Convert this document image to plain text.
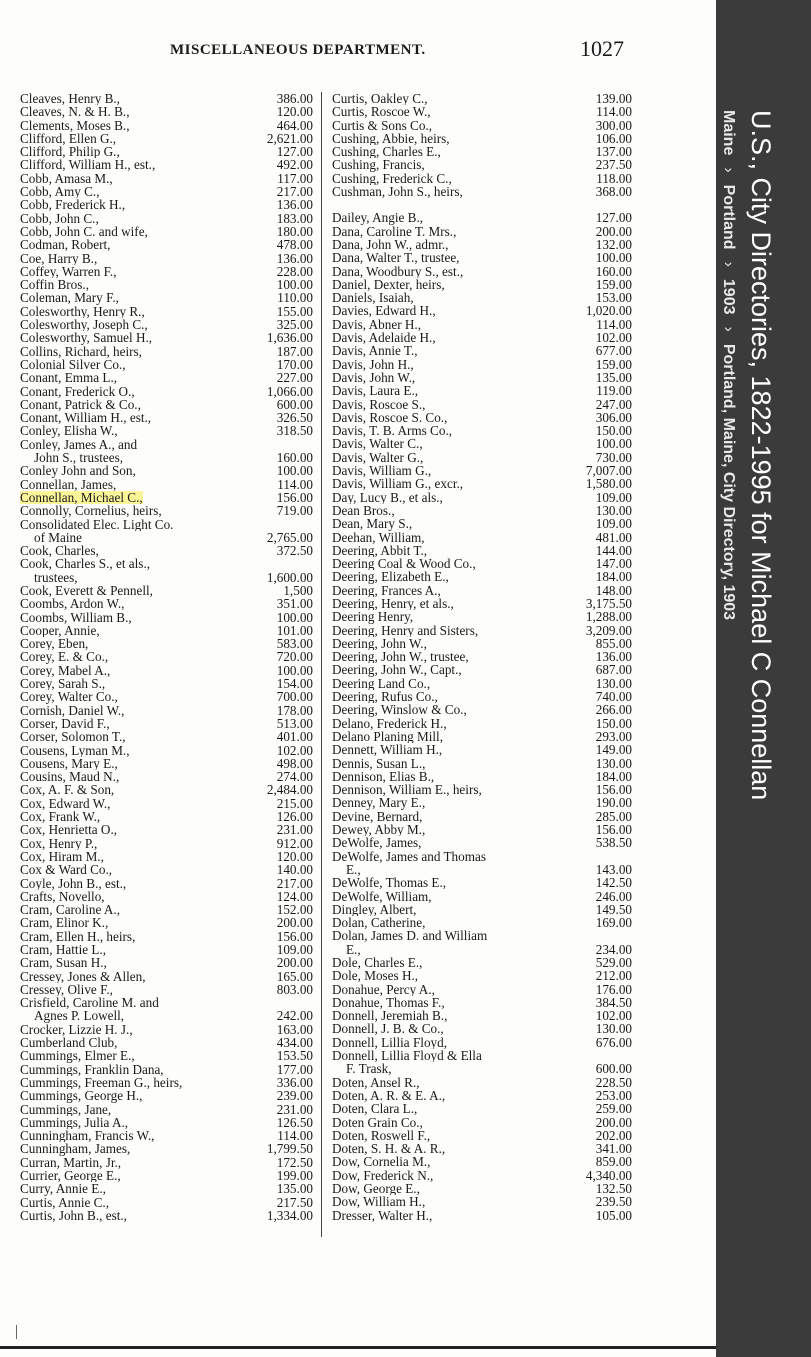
MISCELLANEOUS DEPARTMENT.	1027
Cleaves, Henry B.,	386.00
Cleaves, N. & H. B.,	120.00
Clements, Moses B.,	464.00
Clifford, Ellen G.,	2,621.00
Clifford, Philip G.,	127.00
Clifford, William H., est.,	492.00
Cobb, Amasa M.,	117.00
Cobb, Amy C.,	217.00
Cobb, Frederick H.,	136.00
Cobb, John C.,	183.00
Cobb, John C. and wife,	180.00
Codman, Robert,	478.00
Coe, Harry B.,	136.00
Coffey, Warren F.,	228.00
Coffin Bros.,	100.00
Coleman, Mary F.,	110.00
Colesworthy, Henry R.,	155.00
Colesworthy, Joseph C.,	325.00
Colesworthy, Samuel H.,	1,636.00
Collins, Richard, heirs,	187.00
Colonial Silver Co.,	170.00
Conant, Emma L.,	227.00
Conant, Frederick O.,	1,066.00
Conant, Patrick & Co.,	600.00
Conant, William H., est.,	326.50
Conley, Elisha W.,	318.50
Conley, James A., and
John S., trustees,	160.00
Conley John and Son,	100.00
Connellan, James,	114.00
Connellan, Michael C.,	156.00
Connolly, Cornelius, heirs,	719.00
Consolidated Elec. Light Co.
of Maine	2,765.00
Cook, Charles,	372.50
Cook, Charles S., et als.,
trustees,	1,600.00
Cook, Everett & Pennell,	1,500
Coombs, Ardon W.,	351.00
Coombs, William B.,	100.00
Cooper, Annie,	101.00
Corey, Eben,	583.00
Corey, E. & Co.,	720.00
Corey, Mabel A.,	100.00
Corey, Sarah S.,	154.00
Corey, Walter Co.,	700.00
Cornish, Daniel W.,	178.00
Corser, David F.,	513.00
Corser, Solomon T.,	401.00
Cousens, Lyman M.,	102.00
Cousens, Mary E.,	498.00
Cousins, Maud N.,	274.00
Cox, A. F. & Son,	2,484.00
Cox, Edward W.,	215.00
Cox, Frank W.,	126.00
Cox, Henrietta O.,	231.00
Cox, Henry P.,	912.00
Cox, Hiram M.,	120.00
Cox & Ward Co.,	140.00
Coyle, John B., est.,	217.00
Crafts, Novello,	124.00
Cram, Caroline A.,	152.00
Cram, Elinor K.,	200.00
Cram, Ellen H., heirs,	156.00
Cram, Hattie L.,	109.00
Cram, Susan H.,	200.00
Cressey, Jones & Allen,	165.00
Cressey, Olive F.,	803.00
Crisfield, Caroline M. and
Agnes P. Lowell,	242.00
Crocker, Lizzie H. J.,	163.00
Cumberland Club,	434.00
Cummings, Elmer E.,	153.50
Cummings, Franklin Dana,	177.00
Cummings, Freeman G., heirs,	336.00
Cummings, George H.,	239.00
Cummings, Jane,	231.00
Cummings, Julia A.,	126.50
Cunningham, Francis W.,	114.00
Cunningham, James,	1,799.50
Curran, Martin, Jr.,	172.50
Currier, George E.,	199.00
Curry, Annie E.,	135.00
Curtis, Annie C.,	217.50
Curtis, John B., est.,	1,334.00
Curtis, Oakley C.,	139.00
Curtis, Roscoe W.,	114.00
Curtis & Sons Co.,	300.00
Cushing, Abbie, heirs,	106.00
Cushing, Charles E.,	137.00
Cushing, Francis,	237.50
Cushing, Frederick C.,	118.00
Cushman, John S., heirs,	368.00
Dailey, Angie B.,	127.00
Dana, Caroline T. Mrs.,	200.00
Dana, John W., admr.,	132.00
Dana, Walter T., trustee,	100.00
Dana, Woodbury S., est.,	160.00
Daniel, Dexter, heirs,	159.00
Daniels, Isaiah,	153.00
Davies, Edward H.,	1,020.00
Davis, Abner H.,	114.00
Davis, Adelaide H.,	102.00
Davis, Annie T.,	677.00
Davis, John H.,	159.00
Davis, John W.,	135.00
Davis, Laura E.,	119.00
Davis, Roscoe S.,	247.00
Davis, Roscoe S. Co.,	306.00
Davis, T. B. Arms Co.,	150.00
Davis, Walter C.,	100.00
Davis, Walter G.,	730.00
Davis, William G.,	7,007.00
Davis, William G., excr.,	1,580.00
Day, Lucy B., et als.,	109.00
Dean Bros.,	130.00
Dean, Mary S.,	109.00
Deehan, William,	481.00
Deering, Abbit T.,	144.00
Deering Coal & Wood Co.,	147.00
Deering, Elizabeth E.,	184.00
Deering, Frances A.,	148.00
Deering, Henry, et als.,	3,175.50
Deering Henry,	1,288.00
Deering, Henry and Sisters,	3,209.00
Deering, John W.,	855.00
Deering, John W., trustee,	136.00
Deering, John W., Capt.,	687.00
Deering Land Co.,	130.00
Deering, Rufus Co.,	740.00
Deering, Winslow & Co.,	266.00
Delano, Frederick H.,	150.00
Delano Planing Mill,	293.00
Dennett, William H.,	149.00
Dennis, Susan L.,	130.00
Dennison, Elias B.,	184.00
Dennison, William E., heirs,	156.00
Denney, Mary E.,	190.00
Devine, Bernard,	285.00
Dewey, Abby M.,	156.00
DeWolfe, James,	538.50
DeWolfe, James and Thomas
E.,	143.00
DeWolfe, Thomas E.,	142.50
DeWolfe, William,	246.00
Dingley, Albert,	149.50
Dolan, Catherine,	169.00
Dolan, James D. and William
E.,	234.00
Dole, Charles E.,	529.00
Dole, Moses H.,	212.00
Donahue, Percy A.,	176.00
Donahue, Thomas F.,	384.50
Donnell, Jeremiah B.,	102.00
Donnell, J. B. & Co.,	130.00
Donnell, Lillia Floyd,	676.00
Donnell, Lillia Floyd & Ella
F. Trask,	600.00
Doten, Ansel R.,	228.50
Doten, A. R. & E. A.,	253.00
Doten, Clara L.,	259.00
Doten Grain Co.,	200.00
Doten, Roswell F.,	202.00
Doten, S. H. & A. R.,	341.00
Dow, Cornelia M.,	859.00
Dow, Frederick N.,	4,340.00
Dow, George E.,	132.50
Dow, William H.,	239.50
Dresser, Walter H.,	105.00
U.S., City Directories, 1822-1995 for Michael C Connellan
Maine›Portland›1903›Portland, Maine, City Directory, 1903
